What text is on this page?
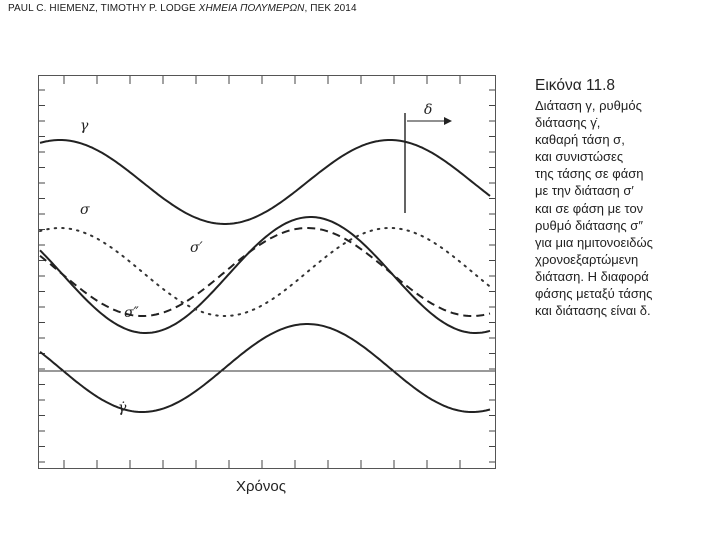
PAUL C. HIEMENZ, TIMOTHY P. LODGE ΧΗΜΕΙΑ ΠΟΛΥΜΕΡΩΝ, ΠΕΚ 2014
γ
σ
σ′
σ″
γ̇
δ
Χρόνος
Εικόνα 11.8
Διάταση γ, ρυθμός
διάτασης γ̇,
καθαρή τάση σ,
και συνιστώσες
της τάσης σε φάση
με την διάταση σ′
και σε φάση με τον
ρυθμό διάτασης σ″
για μια ημιτονοειδώς
χρονοεξαρτώμενη
διάταση. Η διαφορά
φάσης μεταξύ τάσης
και διάτασης είναι δ.
